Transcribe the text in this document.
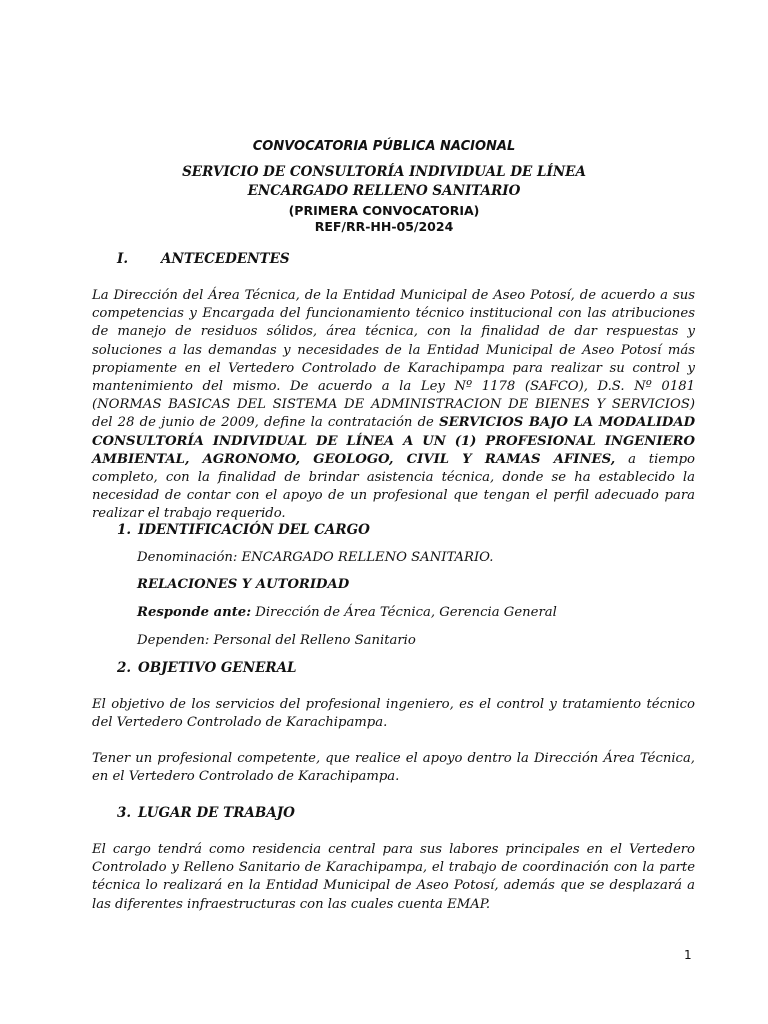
CONVOCATORIA PÚBLICA NACIONAL
SERVICIO DE CONSULTORÍA INDIVIDUAL DE LÍNEA
ENCARGADO RELLENO SANITARIO
(PRIMERA CONVOCATORIA)
REF/RR-HH-05/2024
I. ANTECEDENTES
La Dirección del Área Técnica, de la Entidad Municipal de Aseo Potosí, de acuerdo a sus competencias y Encargada del funcionamiento técnico institucional con las atribuciones de manejo de residuos sólidos, área técnica, con la finalidad de dar respuestas y soluciones a las demandas y necesidades de la Entidad Municipal de Aseo Potosí más propiamente en el Vertedero Controlado de Karachipampa para realizar su control y mantenimiento del mismo. De acuerdo a la Ley Nº 1178 (SAFCO), D.S. Nº 0181 (NORMAS BASICAS DEL SISTEMA DE ADMINISTRACION DE BIENES Y SERVICIOS) del 28 de junio de 2009, define la contratación de SERVICIOS BAJO LA MODALIDAD CONSULTORÍA INDIVIDUAL DE LÍNEA A UN (1) PROFESIONAL INGENIERO AMBIENTAL, AGRONOMO, GEOLOGO, CIVIL Y RAMAS AFINES, a tiempo completo, con la finalidad de brindar asistencia técnica, donde se ha establecido la necesidad de contar con el apoyo de un profesional que tengan el perfil adecuado para realizar el trabajo requerido.
1. IDENTIFICACIÓN DEL CARGO
Denominación: ENCARGADO RELLENO SANITARIO.
RELACIONES Y AUTORIDAD
Responde ante: Dirección de Área Técnica, Gerencia General
Dependen: Personal del Relleno Sanitario
2. OBJETIVO GENERAL
El objetivo de los servicios del profesional ingeniero, es el control y tratamiento técnico del Vertedero Controlado de Karachipampa.
Tener un profesional competente, que realice el apoyo dentro la Dirección Área Técnica, en el Vertedero Controlado de Karachipampa.
3. LUGAR DE TRABAJO
El cargo tendrá como residencia central para sus labores principales en el Vertedero Controlado y Relleno Sanitario de Karachipampa, el trabajo de coordinación con la parte técnica lo realizará en la Entidad Municipal de Aseo Potosí, además que se desplazará a las diferentes infraestructuras con las cuales cuenta EMAP.
1
